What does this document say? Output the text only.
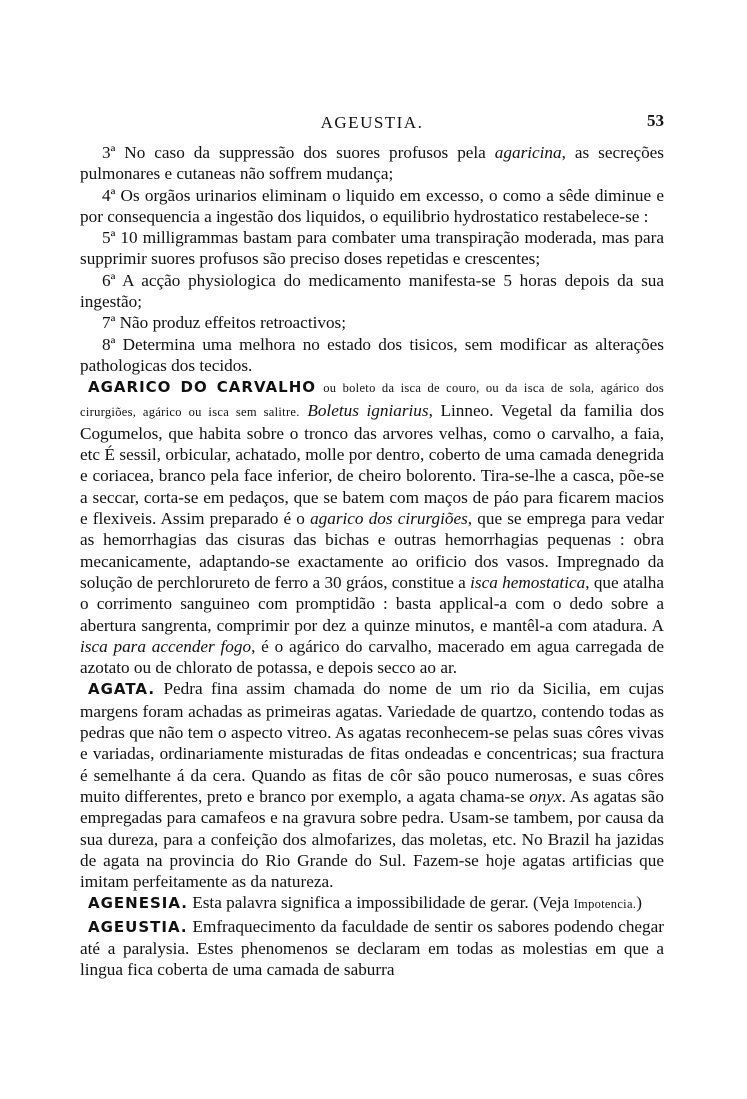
AGEUSTIA.	53

3ª No caso da suppressão dos suores profusos pela agaricina, as secreções pulmonares e cutaneas não soffrem mudança;

4ª Os orgãos urinarios eliminam o liquido em excesso, o como a sêde diminue e por consequencia a ingestão dos liquidos, o equilibrio hydrostatico restabelece-se :

5ª 10 milligrammas bastam para combater uma transpiração moderada, mas para supprimir suores profusos são preciso doses repetidas e crescentes;

6ª A acção physiologica do medicamento manifesta-se 5 horas depois da sua ingestão;

7ª Não produz effeitos retroactivos;

8ª Determina uma melhora no estado dos tisicos, sem modificar as alterações pathologicas dos tecidos.

AGARICO DO CARVALHO ou boleto da isca de couro, ou da isca de sola, agárico dos cirurgiões, agárico ou isca sem salitre. Boletus igniarius, Linneo. Vegetal da familia dos Cogumelos, que habita sobre o tronco das arvores velhas, como o carvalho, a faia, etc É sessil, orbicular, achatado, molle por dentro, coberto de uma camada denegrida e coriacea, branco pela face inferior, de cheiro bolorento. Tira-se-lhe a casca, põe-se a seccar, corta-se em pedaços, que se batem com maços de páo para ficarem macios e flexiveis. Assim preparado é o agarico dos cirurgiões, que se emprega para vedar as hemorrhagias das cisuras das bichas e outras hemorrhagias pequenas : obra mecanicamente, adaptando-se exactamente ao orificio dos vasos. Impregnado da solução de perchlorureto de ferro a 30 gráos, constitue a isca hemostatica, que atalha o corrimento sanguineo com promptidão : basta applical-a com o dedo sobre a abertura sangrenta, comprimir por dez a quinze minutos, e mantêl-a com atadura. A isca para accender fogo, é o agárico do carvalho, macerado em agua carregada de azotato ou de chlorato de potassa, e depois secco ao ar.

AGATA. Pedra fina assim chamada do nome de um rio da Sicilia, em cujas margens foram achadas as primeiras agatas. Variedade de quartzo, contendo todas as pedras que não tem o aspecto vitreo. As agatas reconhecem-se pelas suas côres vivas e variadas, ordinariamente misturadas de fitas ondeadas e concentricas; sua fractura é semelhante á da cera. Quando as fitas de côr são pouco numerosas, e suas côres muito differentes, preto e branco por exemplo, a agata chama-se onyx. As agatas são empregadas para camafeos e na gravura sobre pedra. Usam-se tambem, por causa da sua dureza, para a confeição dos almofarizes, das moletas, etc. No Brazil ha jazidas de agata na provincia do Rio Grande do Sul. Fazem-se hoje agatas artificias que imitam perfeitamente as da natureza.

AGENESIA. Esta palavra significa a impossibilidade de gerar. (Veja Impotencia.)

AGEUSTIA. Emfraquecimento da faculdade de sentir os sabores podendo chegar até a paralysia. Estes phenomenos se declaram em todas as molestias em que a lingua fica coberta de uma camada de saburra
